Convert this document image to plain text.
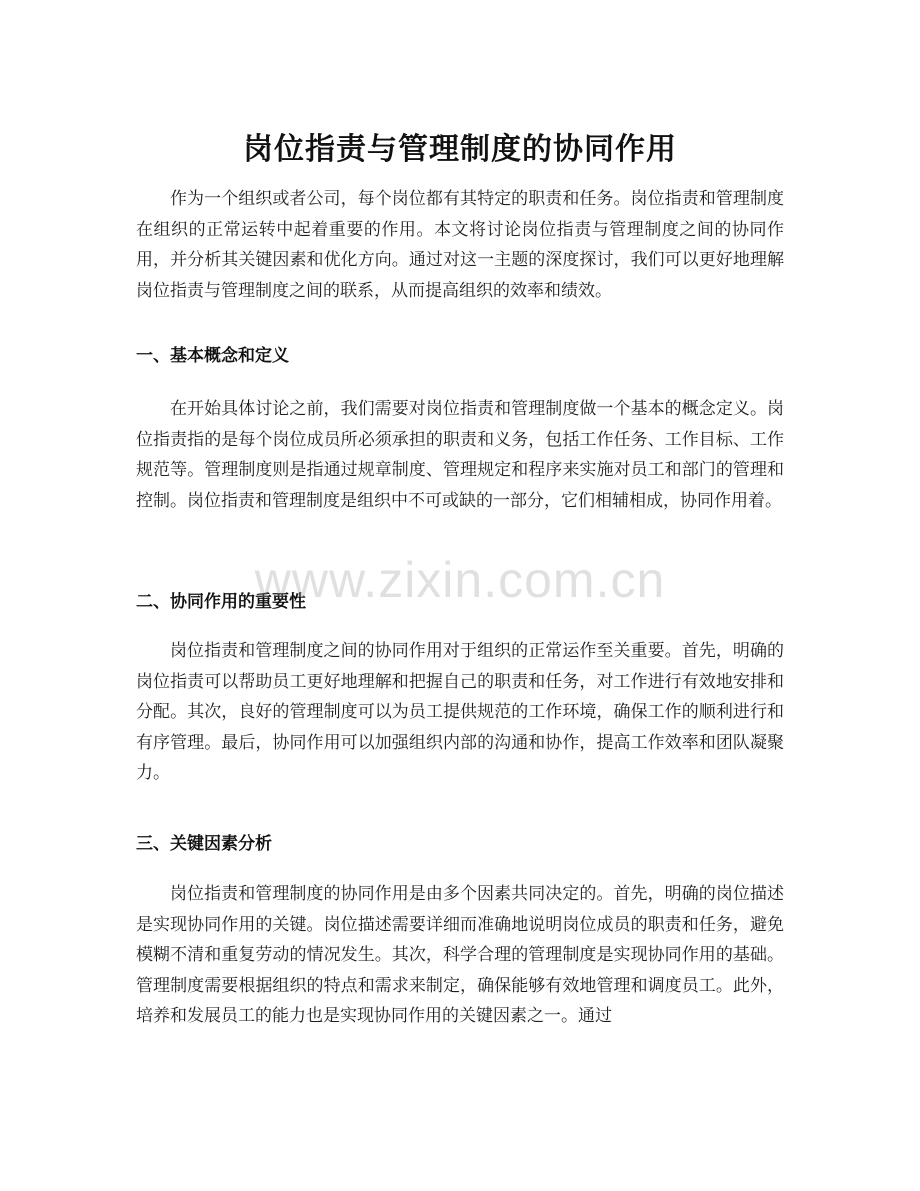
岗位指责与管理制度的协同作用

作为一个组织或者公司，每个岗位都有其特定的职责和任务。岗位指责和管理制度在组织的正常运转中起着重要的作用。本文将讨论岗位指责与管理制度之间的协同作用，并分析其关键因素和优化方向。通过对这一主题的深度探讨，我们可以更好地理解岗位指责与管理制度之间的联系，从而提高组织的效率和绩效。

一、基本概念和定义

在开始具体讨论之前，我们需要对岗位指责和管理制度做一个基本的概念定义。岗位指责指的是每个岗位成员所必须承担的职责和义务，包括工作任务、工作目标、工作规范等。管理制度则是指通过规章制度、管理规定和程序来实施对员工和部门的管理和控制。岗位指责和管理制度是组织中不可或缺的一部分，它们相辅相成，协同作用着。

二、协同作用的重要性

岗位指责和管理制度之间的协同作用对于组织的正常运作至关重要。首先，明确的岗位指责可以帮助员工更好地理解和把握自己的职责和任务，对工作进行有效地安排和分配。其次，良好的管理制度可以为员工提供规范的工作环境，确保工作的顺利进行和有序管理。最后，协同作用可以加强组织内部的沟通和协作，提高工作效率和团队凝聚力。

三、关键因素分析

岗位指责和管理制度的协同作用是由多个因素共同决定的。首先，明确的岗位描述是实现协同作用的关键。岗位描述需要详细而准确地说明岗位成员的职责和任务，避免模糊不清和重复劳动的情况发生。其次，科学合理的管理制度是实现协同作用的基础。管理制度需要根据组织的特点和需求来制定，确保能够有效地管理和调度员工。此外，培养和发展员工的能力也是实现协同作用的关键因素之一。通过

www.zixin.com.cn
